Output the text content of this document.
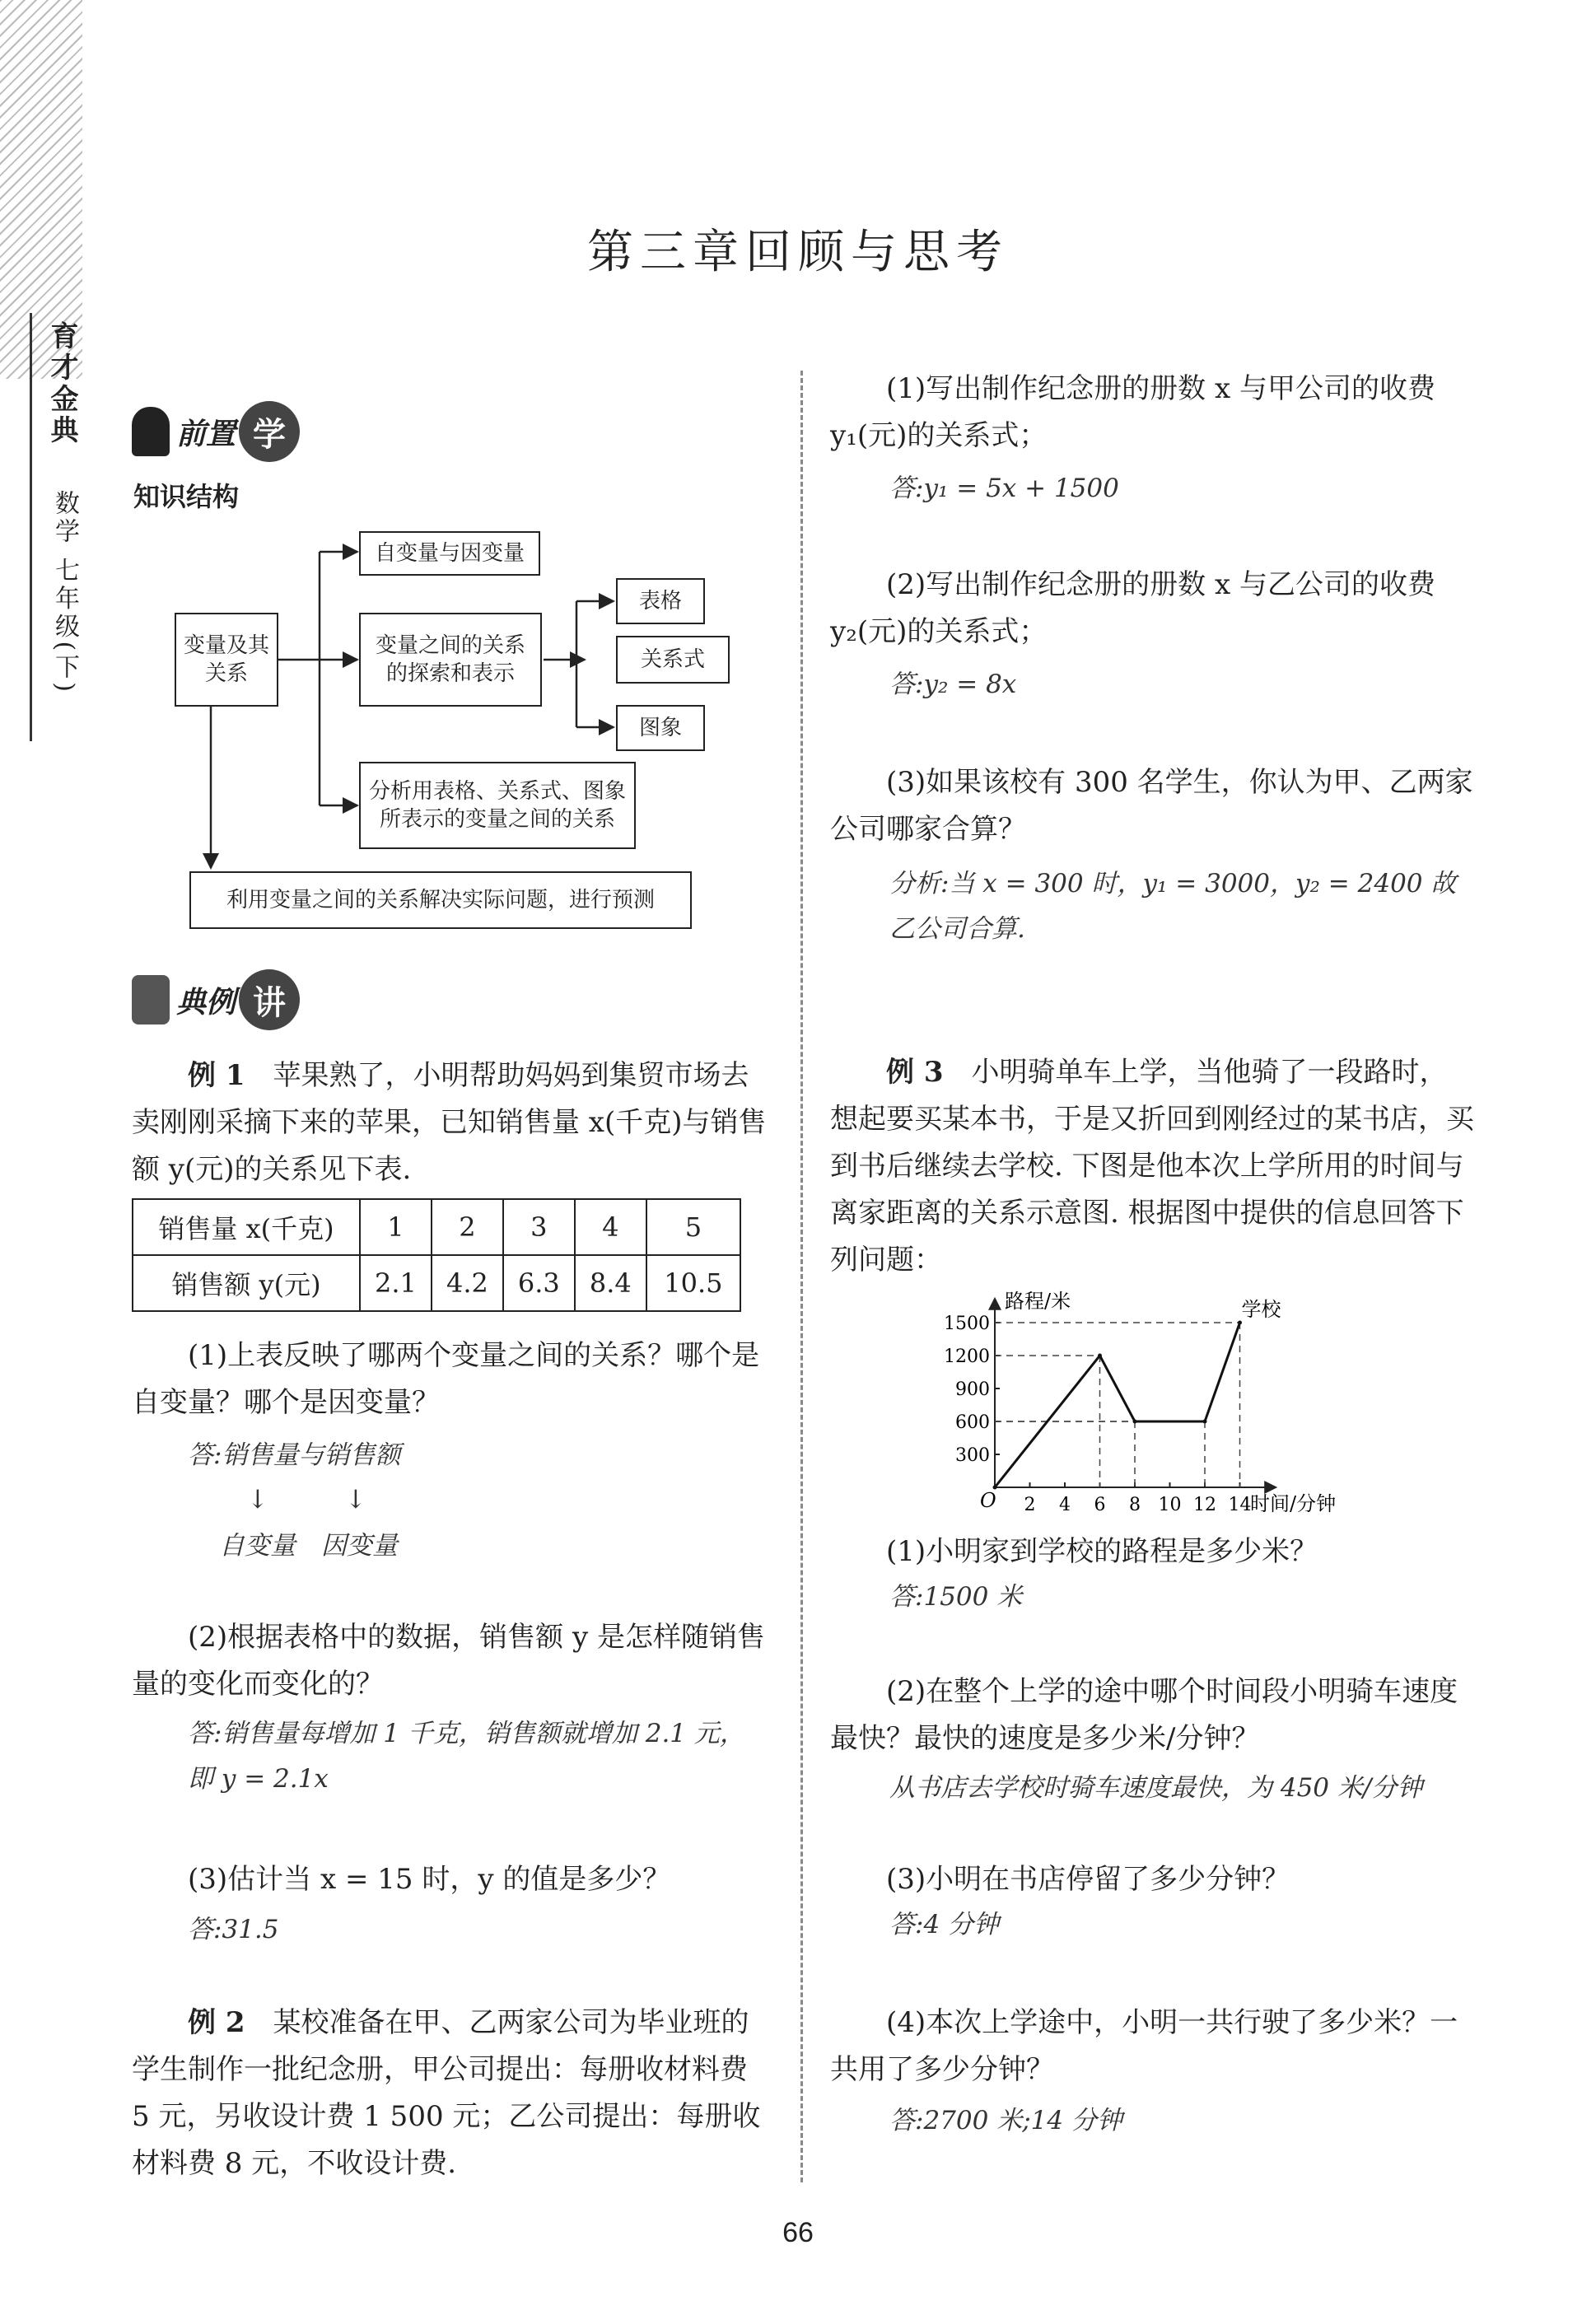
育才金典
数学 七年级(下)
第三章回顾与思考
前置 学
知识结构
变量及其关系
自变量与因变量
变量之间的关系的探索和表示
分析用表格、关系式、图象所表示的变量之间的关系
利用变量之间的关系解决实际问题，进行预测
表格
关系式
图象
典例 讲
例 1　 苹果熟了，小明帮助妈妈到集贸市场去卖刚刚采摘下来的苹果，已知销售量 x(千克)与销售额 y(元)的关系见下表.
销售量 x(千克)	1	2	3	4	5
销售额 y(元)	2.1	4.2	6.3	8.4	10.5
(1)上表反映了哪两个变量之间的关系？哪个是自变量？哪个是因变量？
答:销售量与销售额
↓　　　↓
自变量　因变量
(2)根据表格中的数据，销售额 y 是怎样随销售量的变化而变化的？
答:销售量每增加 1 千克，销售额就增加 2.1 元，即 y = 2.1x
(3)估计当 x = 15 时，y 的值是多少？
答:31.5
例 2　 某校准备在甲、乙两家公司为毕业班的学生制作一批纪念册，甲公司提出：每册收材料费 5 元，另收设计费 1 500 元；乙公司提出：每册收材料费 8 元，不收设计费.
(1)写出制作纪念册的册数 x 与甲公司的收费 y₁(元)的关系式；
答:y₁ = 5x + 1500
(2)写出制作纪念册的册数 x 与乙公司的收费 y₂(元)的关系式；
答:y₂ = 8x
(3)如果该校有 300 名学生，你认为甲、乙两家公司哪家合算？
分析:当 x = 300 时，y₁ = 3000，y₂ = 2400 故乙公司合算.
例 3　 小明骑单车上学，当他骑了一段路时，想起要买某本书，于是又折回到刚经过的某书店，买到书后继续去学校. 下图是他本次上学所用的时间与离家距离的关系示意图. 根据图中提供的信息回答下列问题：
2 4 6 8 10 12 14
300
600
900
1200
1500
O
路程/米
时间/分钟
学校
(1)小明家到学校的路程是多少米？
答:1500 米
(2)在整个上学的途中哪个时间段小明骑车速度最快？最快的速度是多少米/分钟？
从书店去学校时骑车速度最快，为 450 米/分钟
(3)小明在书店停留了多少分钟？
答:4 分钟
(4)本次上学途中，小明一共行驶了多少米？一共用了多少分钟？
答:2700 米;14 分钟
66
